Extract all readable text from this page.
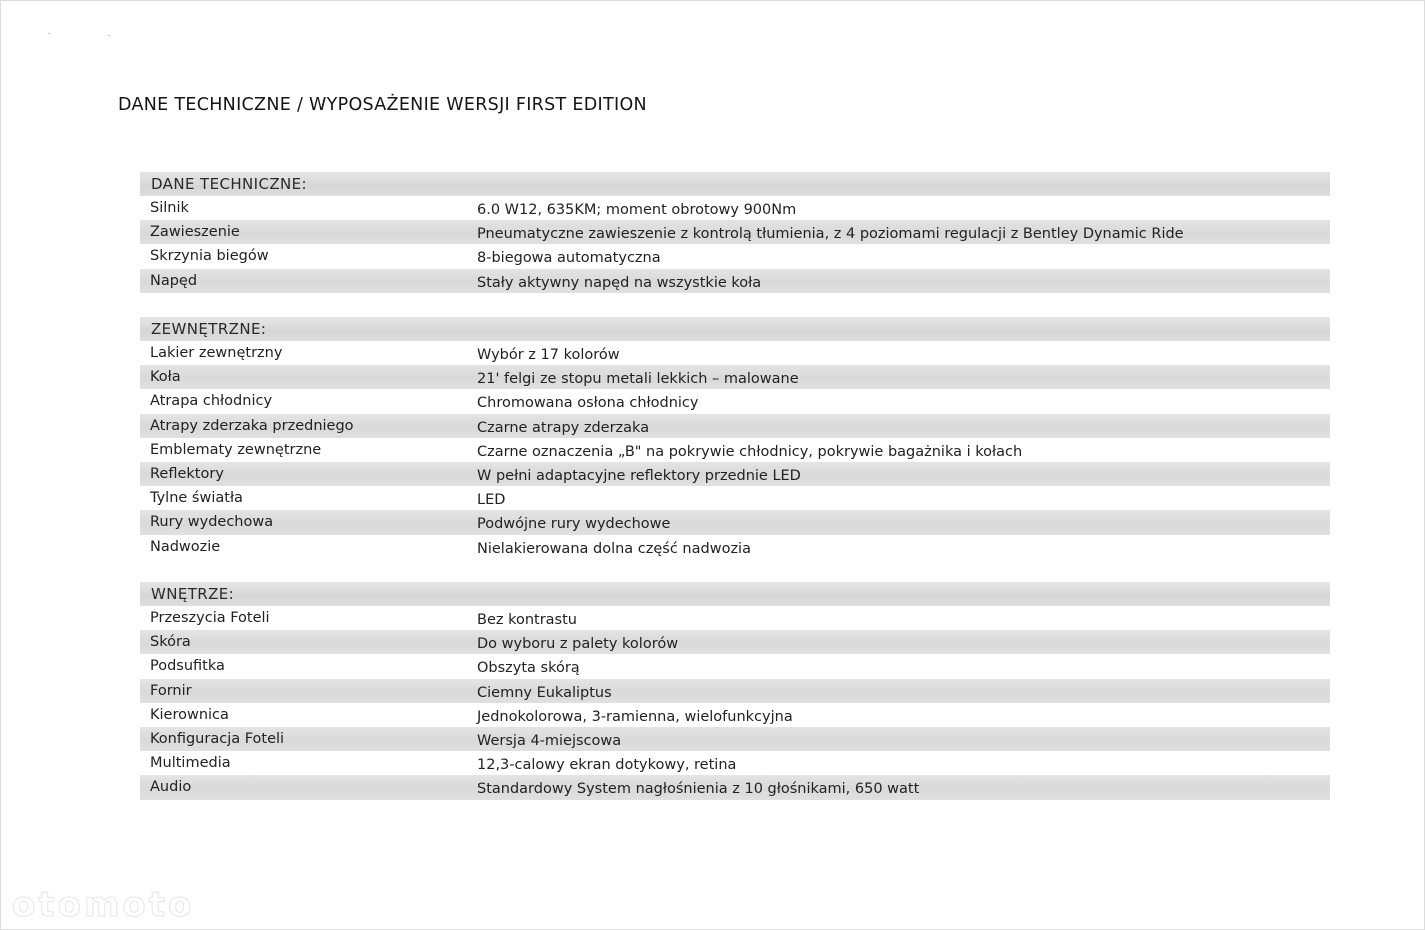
DANE TECHNICZNE / WYPOSAŻENIE WERSJI FIRST EDITION
DANE TECHNICZNE:
Silnik	6.0 W12, 635KM; moment obrotowy 900Nm
Zawieszenie	Pneumatyczne zawieszenie z kontrolą tłumienia, z 4 poziomami regulacji z Bentley Dynamic Ride
Skrzynia biegów	8-biegowa automatyczna
Napęd	Stały aktywny napęd na wszystkie koła
ZEWNĘTRZNE:
Lakier zewnętrzny	Wybór z 17 kolorów
Koła	21' felgi ze stopu metali lekkich – malowane
Atrapa chłodnicy	Chromowana osłona chłodnicy
Atrapy zderzaka przedniego	Czarne atrapy zderzaka
Emblematy zewnętrzne	Czarne oznaczenia „B" na pokrywie chłodnicy, pokrywie bagażnika i kołach
Reflektory	W pełni adaptacyjne reflektory przednie LED
Tylne światła	LED
Rury wydechowa	Podwójne rury wydechowe
Nadwozie	Nielakierowana dolna część nadwozia
WNĘTRZE:
Przeszycia Foteli	Bez kontrastu
Skóra	Do wyboru z palety kolorów
Podsufitka	Obszyta skórą
Fornir	Ciemny Eukaliptus
Kierownica	Jednokolorowa, 3-ramienna, wielofunkcyjna
Konfiguracja Foteli	Wersja 4-miejscowa
Multimedia	12,3-calowy ekran dotykowy, retina
Audio	Standardowy System nagłośnienia z 10 głośnikami, 650 watt
otomoto
